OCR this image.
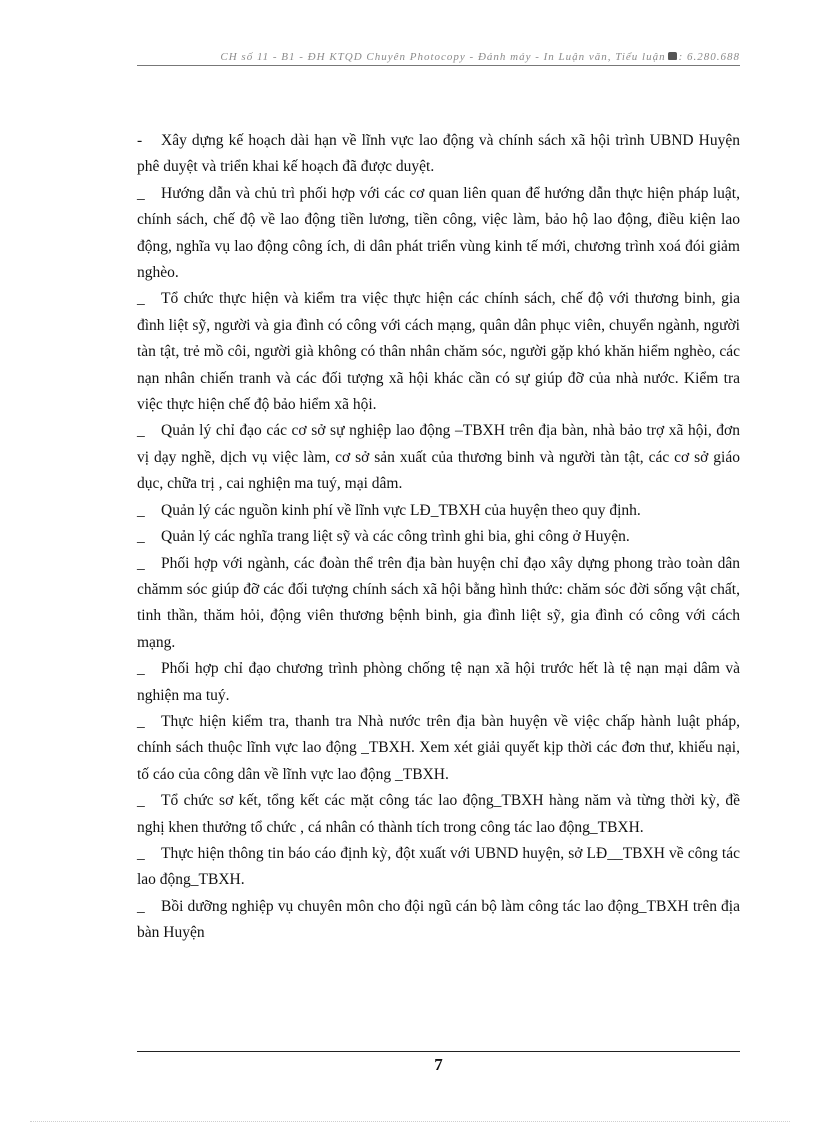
CH số 11 - B1 - ĐH KTQD Chuyên Photocopy - Đánh máy - In Luận văn, Tiểu luận : 6.280.688

- Xây dựng kế hoạch dài hạn về lĩnh vực lao động và chính sách xã hội trình UBND Huyện phê duyệt và triển khai kế hoạch đã được duyệt.

_ Hướng dẫn và chủ trì phối hợp với các cơ quan liên quan để hướng dẫn thực hiện pháp luật, chính sách, chế độ về lao động tiền lương, tiền công, việc làm, bảo hộ lao động, điều kiện lao động, nghĩa vụ lao động công ích, di dân phát triển vùng kinh tế mới, chương trình xoá đói giảm nghèo.

_ Tổ chức thực hiện và kiểm tra việc thực hiện các chính sách, chế độ với thương binh, gia đình liệt sỹ, người và gia đình có công với cách mạng, quân dân phục viên, chuyển ngành, người tàn tật, trẻ mồ côi, người già không có thân nhân chăm sóc, người gặp khó khăn hiểm nghèo, các nạn nhân chiến tranh và các đối tượng xã hội khác cần có sự giúp đỡ của nhà nước. Kiểm tra việc thực hiện chế độ bảo hiểm xã hội.

_ Quản lý chỉ đạo các cơ sở sự nghiệp lao động –TBXH trên địa bàn, nhà bảo trợ xã hội, đơn vị dạy nghề, dịch vụ việc làm, cơ sở sản xuất của thương binh và người tàn tật, các cơ sở giáo dục, chữa trị , cai nghiện ma tuý, mại dâm.

_ Quản lý các nguồn kinh phí về lĩnh vực LĐ_TBXH của huyện theo quy định.

_ Quản lý các nghĩa trang liệt sỹ và các công trình ghi bia, ghi công ở Huyện.

_ Phối hợp với ngành, các đoàn thể trên địa bàn huyện chỉ đạo xây dựng phong trào toàn dân chămm sóc giúp đỡ các đối tượng chính sách xã hội bằng hình thức: chăm sóc đời sống vật chất, tinh thần, thăm hỏi, động viên thương bệnh binh, gia đình liệt sỹ, gia đình có công với cách mạng.

_ Phối hợp chỉ đạo chương trình phòng chống tệ nạn xã hội trước hết là tệ nạn mại dâm và nghiện ma tuý.

_ Thực hiện kiểm tra, thanh tra Nhà nước trên địa bàn huyện về việc chấp hành luật pháp, chính sách thuộc lĩnh vực lao động _TBXH. Xem xét giải quyết kịp thời các đơn thư, khiếu nại, tố cáo của công dân về lĩnh vực lao động _TBXH.

_ Tổ chức sơ kết, tổng kết các mặt công tác lao động_TBXH hàng năm và từng thời kỳ, đề nghị khen thưởng tổ chức , cá nhân có thành tích trong công tác lao động_TBXH.

_ Thực hiện thông tin báo cáo định kỳ, đột xuất với UBND huyện, sở LĐ__TBXH về công tác lao động_TBXH.

_ Bồi dưỡng nghiệp vụ chuyên môn cho đội ngũ cán bộ làm công tác lao động_TBXH trên địa bàn Huyện

7
